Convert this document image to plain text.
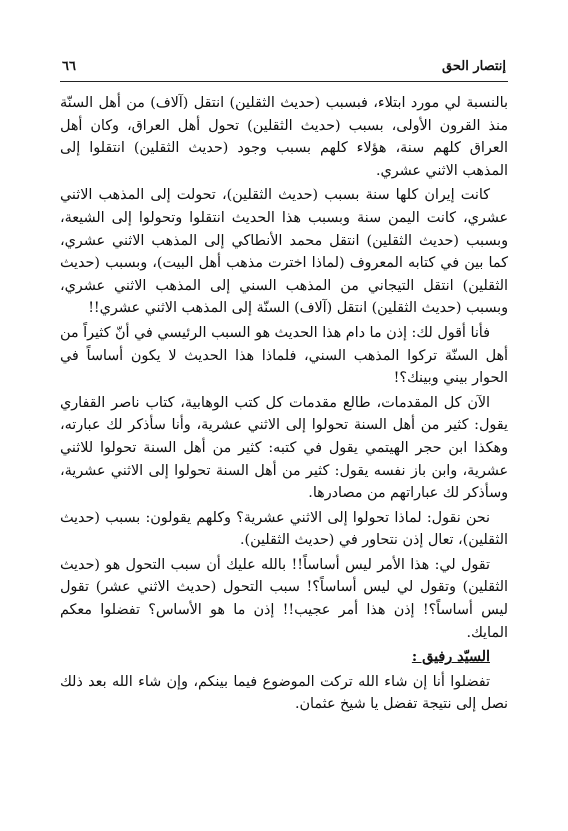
٦٦	إنتصار الحق

بالنسبة لي مورد ابتلاء، فبسبب (حديث الثقلين) انتقل (آلاف) من أهل السنّة منذ القرون الأولى، بسبب (حديث الثقلين) تحول أهل العراق، وكان أهل العراق كلهم سنة، هؤلاء كلهم بسبب وجود (حديث الثقلين) انتقلوا إلى المذهب الاثني عشري.

كانت إيران كلها سنة بسبب (حديث الثقلين)، تحولت إلى المذهب الاثني عشري، كانت اليمن سنة وبسبب هذا الحديث انتقلوا وتحولوا إلى الشيعة، وبسبب (حديث الثقلين) انتقل محمد الأنطاكي إلى المذهب الاثني عشري، كما بين في كتابه المعروف (لماذا اخترت مذهب أهل البيت)، وبسبب (حديث الثقلين) انتقل التيجاني من المذهب السني إلى المذهب الاثني عشري، وبسبب (حديث الثقلين) انتقل (آلاف) السنّة إلى المذهب الاثني عشري!!

فأنا أقول لك: إذن ما دام هذا الحديث هو السبب الرئيسي في أنّ كثيراً من أهل السنّة تركوا المذهب السني، فلماذا هذا الحديث لا يكون أساساً في الحوار بيني وبينك؟!

الآن كل المقدمات، طالع مقدمات كل كتب الوهابية، كتاب ناصر القفاري يقول: كثير من أهل السنة تحولوا إلى الاثني عشرية، وأنا سأذكر لك عبارته، وهكذا ابن حجر الهيتمي يقول في كتبه: كثير من أهل السنة تحولوا للاثني عشرية، وابن باز نفسه يقول: كثير من أهل السنة تحولوا إلى الاثني عشرية، وسأذكر لك عباراتهم من مصادرها.

نحن نقول: لماذا تحولوا إلى الاثني عشرية؟ وكلهم يقولون: بسبب (حديث الثقلين)، تعال إذن نتحاور في (حديث الثقلين).

تقول لي: هذا الأمر ليس أساساً!! بالله عليك أن سبب التحول هو (حديث الثقلين) وتقول لي ليس أساساً؟! سبب التحول (حديث الاثني عشر) تقول ليس أساساً؟! إذن هذا أمر عجيب!! إذن ما هو الأساس؟ تفضلوا معكم المايك.

السيّد رفيق :

تفضلوا أنا إن شاء الله تركت الموضوع فيما بينكم، وإن شاء الله بعد ذلك نصل إلى نتيجة تفضل يا شيخ عثمان.
